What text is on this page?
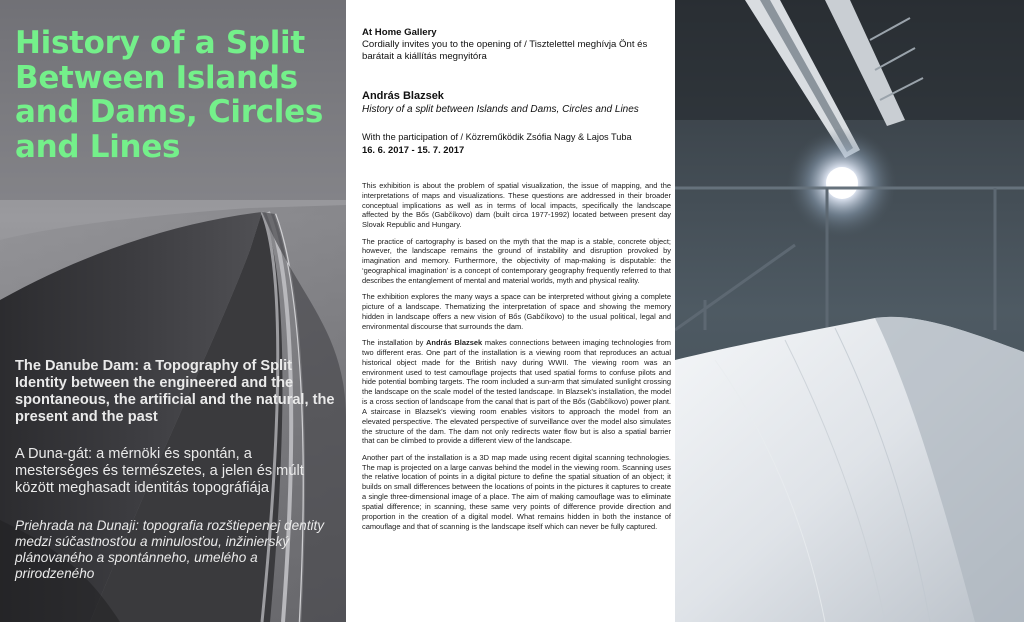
History of a Split Between Islands and Dams, Circles and Lines

The Danube Dam: a Topography of Split Identity between the engineered and the spontaneous, the artificial and the natural, the present and the past

A Duna-gát: a mérnöki és spontán, a mesterséges és természetes, a jelen és múlt között meghasadt identitás topográfiája

Priehrada na Dunaji: topografia rozštiepenej dentity medzi súčastnosťou a minulosťou, inžinierský plánovaného a spontánneho, umelého a prirodzeného

At Home Gallery

Cordially invites you to the opening of / Tisztelettel meghívja Önt és barátait a kiállítás megnyitóra

András Blazsek

History of a split between Islands and Dams, Circles and Lines

With the participation of / Közreműködik Zsófia Nagy & Lajos Tuba

16. 6. 2017 - 15. 7. 2017

This exhibition is about the problem of spatial visualization, the issue of mapping, and the interpretations of maps and visualizations. These questions are addressed in their broader conceptual implications as well as in terms of local impacts, specifically the landscape affected by the Bős (Gabčíkovo) dam (built circa 1977-1992) located between present day Slovak Republic and Hungary.

The practice of cartography is based on the myth that the map is a stable, concrete object; however, the landscape remains the ground of instability and disruption provoked by imagination and memory. Furthermore, the objectivity of map-making is disputable: the ‘geographical imagination’ is a concept of contemporary geography frequently referred to that describes the entanglement of mental and material worlds, myth and physical reality.

The exhibition explores the many ways a space can be interpreted without giving a complete picture of a landscape. Thematizing the interpretation of space and showing the memory hidden in landscape offers a new vision of Bős (Gabčíkovo) to the usual political, legal and environmental discourse that surrounds the dam.

The installation by András Blazsek makes connections between imaging technologies from two different eras. One part of the installation is a viewing room that reproduces an actual historical object made for the British navy during WWII. The viewing room was an environment used to test camouflage projects that used spatial forms to confuse pilots and hide potential bombing targets. The room included a sun-arm that simulated sunlight crossing the landscape on the scale model of the tested landscape. In Blazsek’s installation, the model is a cross section of landscape from the canal that is part of the Bős (Gabčíkovo) power plant. A staircase in Blazsek’s viewing room enables visitors to approach the model from an elevated perspective. The elevated perspective of surveillance over the model also simulates the structure of the dam. The dam not only redirects water flow but is also a spatial barrier that can be climbed to provide a different view of the landscape.

Another part of the installation is a 3D map made using recent digital scanning technologies. The map is projected on a large canvas behind the model in the viewing room. Scanning uses the relative location of points in a digital picture to define the spatial situation of an object; it builds on small differences between the locations of points in the pictures it captures to create a single three-dimensional image of a place. The aim of making camouflage was to eliminate spatial difference; in scanning, these same very points of difference provide direction and proportion in the creation of a digital model. What remains hidden in both the instance of camouflage and that of scanning is the landscape itself which can never be fully captured.
